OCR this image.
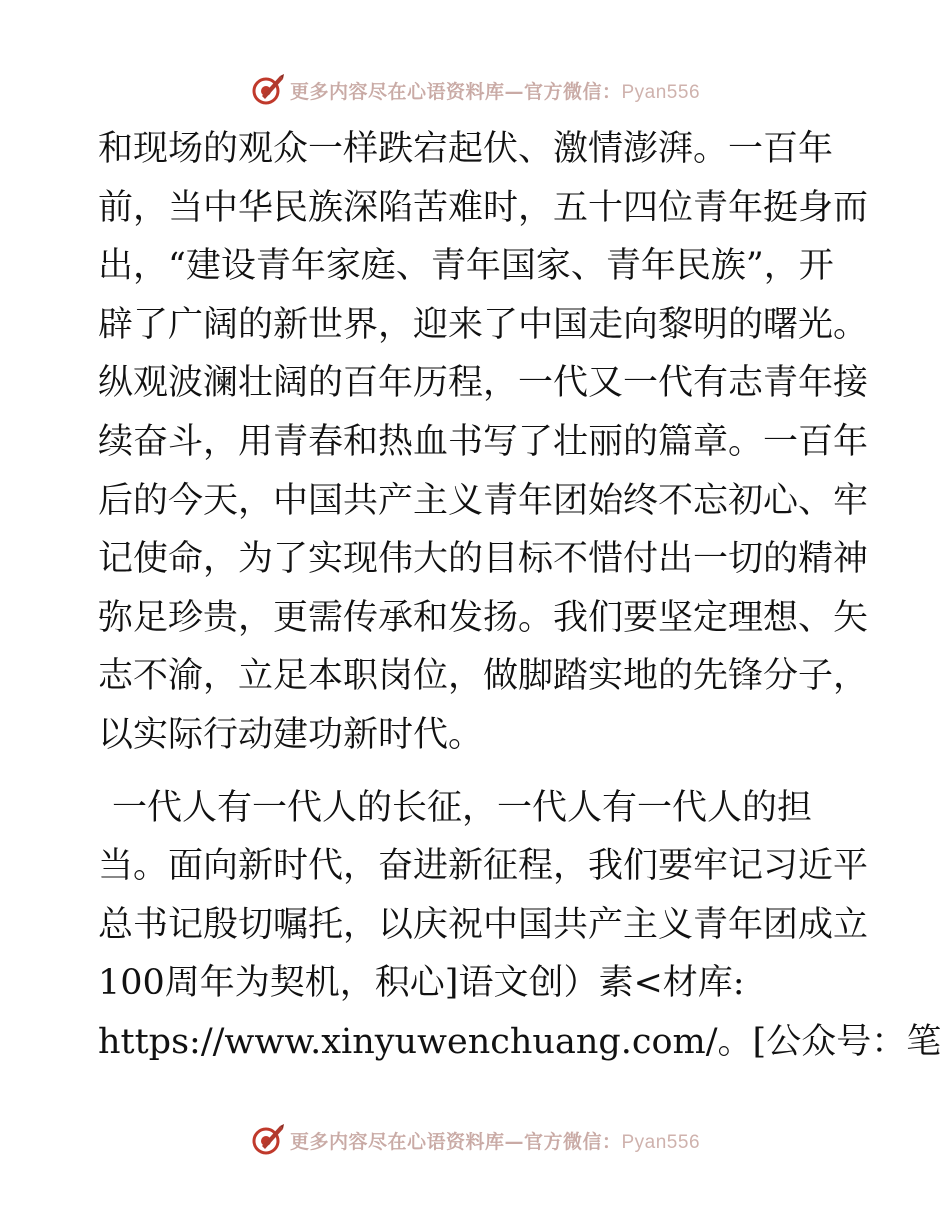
更多内容尽在心语资料库—官方微信：Pyan556
和现场的观众一样跌宕起伏、激情澎湃。一百年
前，当中华民族深陷苦难时，五十四位青年挺身而
出，“建设青年家庭、青年国家、青年民族”，开
辟了广阔的新世界，迎来了中国走向黎明的曙光。
纵观波澜壮阔的百年历程，一代又一代有志青年接
续奋斗，用青春和热血书写了壮丽的篇章。一百年
后的今天，中国共产主义青年团始终不忘初心、牢
记使命，为了实现伟大的目标不惜付出一切的精神
弥足珍贵，更需传承和发扬。我们要坚定理想、矢
志不渝，立足本职岗位，做脚踏实地的先锋分子，
以实际行动建功新时代。
一代人有一代人的长征，一代人有一代人的担
当。面向新时代，奋进新征程，我们要牢记习近平
总书记殷切嘱托，以庆祝中国共产主义青年团成立
100周年为契机，积心]语文创）素<材库:
https://www.xinyuwenchuang.com/。[公众号：笔
更多内容尽在心语资料库—官方微信：Pyan556
